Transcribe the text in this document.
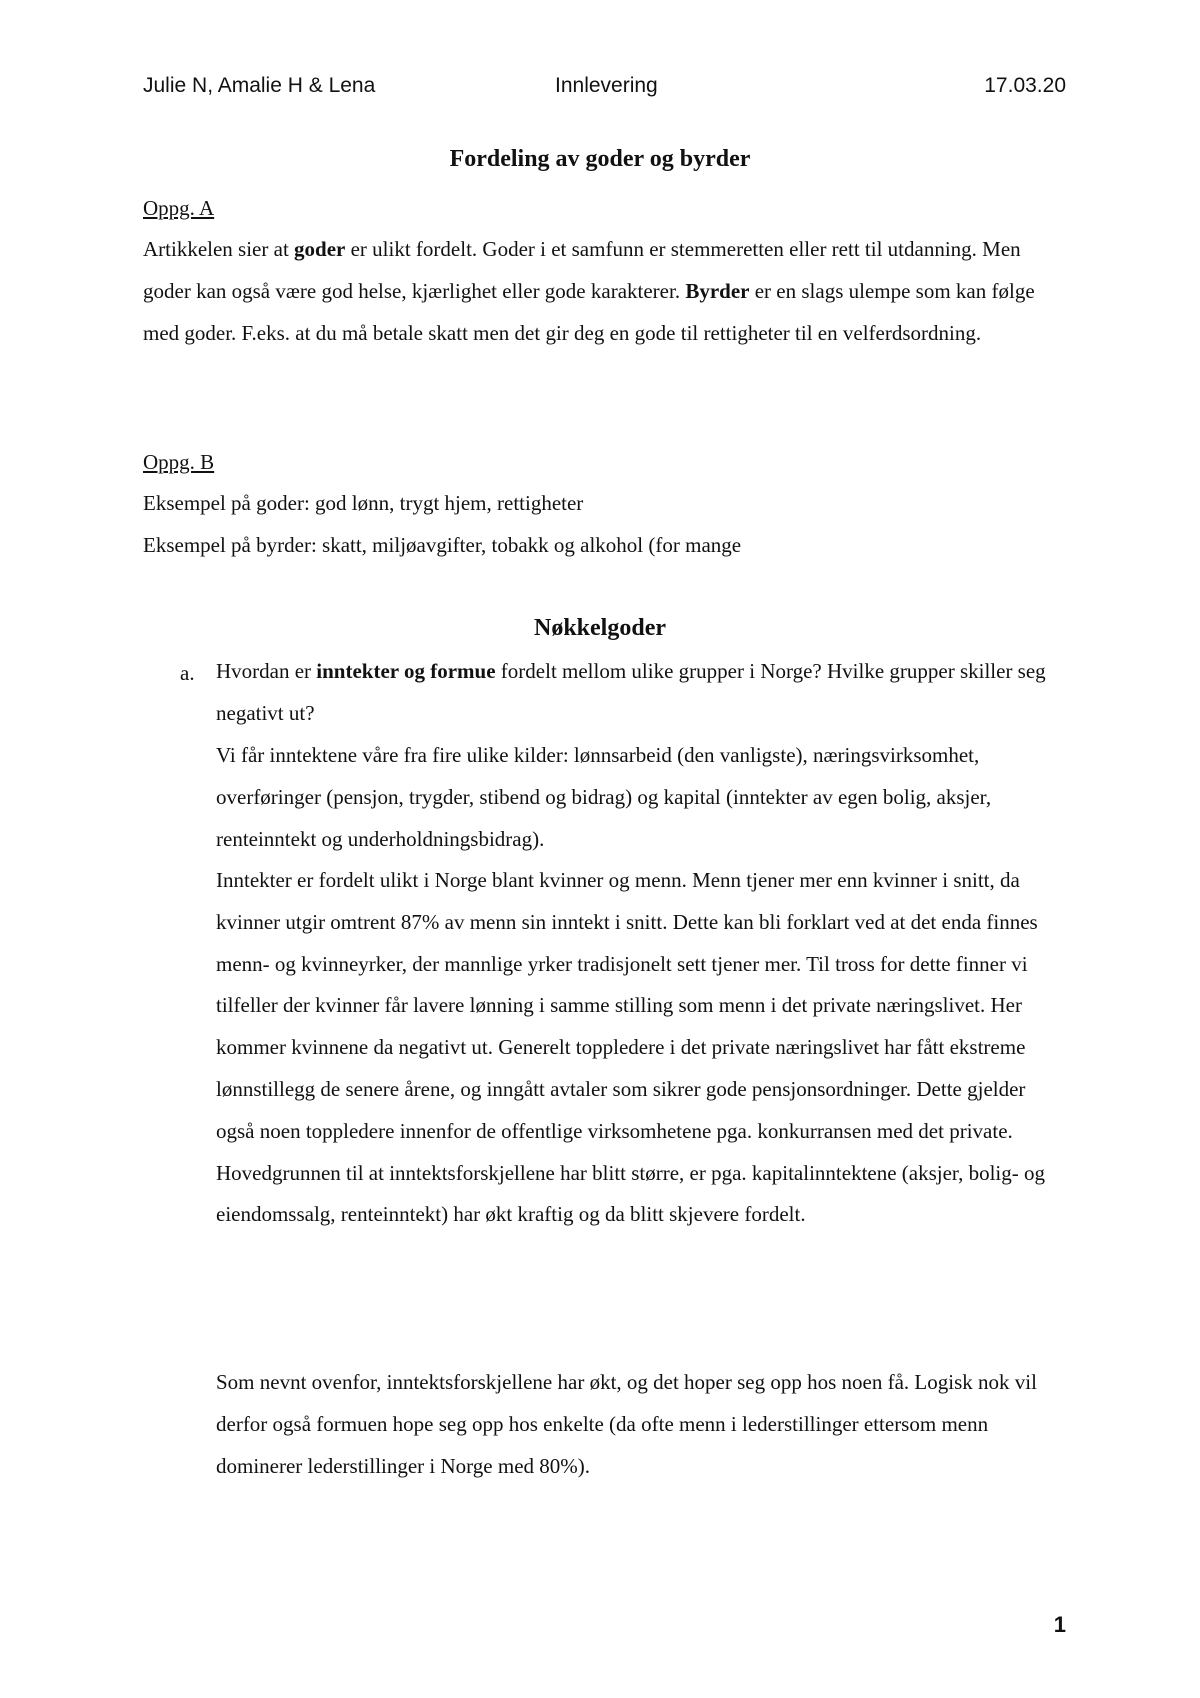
Julie N, Amalie H & Lena	Innlevering	17.03.20
Fordeling av goder og byrder
Oppg. A

Artikkelen sier at goder er ulikt fordelt. Goder i et samfunn er stemmeretten eller rett til utdanning. Men goder kan også være god helse, kjærlighet eller gode karakterer. Byrder er en slags ulempe som kan følge med goder. F.eks. at du må betale skatt men det gir deg en gode til rettigheter til en velferdsordning.

Oppg. B
Eksempel på goder: god lønn, trygt hjem, rettigheter
Eksempel på byrder: skatt, miljøavgifter, tobakk og alkohol (for mange
Nøkkelgoder
a. Hvordan er inntekter og formue fordelt mellom ulike grupper i Norge? Hvilke grupper skiller seg negativt ut?

Vi får inntektene våre fra fire ulike kilder: lønnsarbeid (den vanligste), næringsvirksomhet, overføringer (pensjon, trygder, stibend og bidrag) og kapital (inntekter av egen bolig, aksjer, renteinntekt og underholdningsbidrag).

Inntekter er fordelt ulikt i Norge blant kvinner og menn. Menn tjener mer enn kvinner i snitt, da kvinner utgir omtrent 87% av menn sin inntekt i snitt. Dette kan bli forklart ved at det enda finnes menn- og kvinneyrker, der mannlige yrker tradisjonelt sett tjener mer. Til tross for dette finner vi tilfeller der kvinner får lavere lønning i samme stilling som menn i det private næringslivet. Her kommer kvinnene da negativt ut. Generelt toppledere i det private næringslivet har fått ekstreme lønnstillegg de senere årene, og inngått avtaler som sikrer gode pensjonsordninger. Dette gjelder også noen toppledere innenfor de offentlige virksomhetene pga. konkurransen med det private. Hovedgrunnen til at inntektsforskjellene har blitt større, er pga. kapitalinntektene (aksjer, bolig- og eiendomssalg, renteinntekt) har økt kraftig og da blitt skjevere fordelt.

Som nevnt ovenfor, inntektsforskjellene har økt, og det hoper seg opp hos noen få. Logisk nok vil derfor også formuen hope seg opp hos enkelte (da ofte menn i lederstillinger ettersom menn dominerer lederstillinger i Norge med 80%).

1
